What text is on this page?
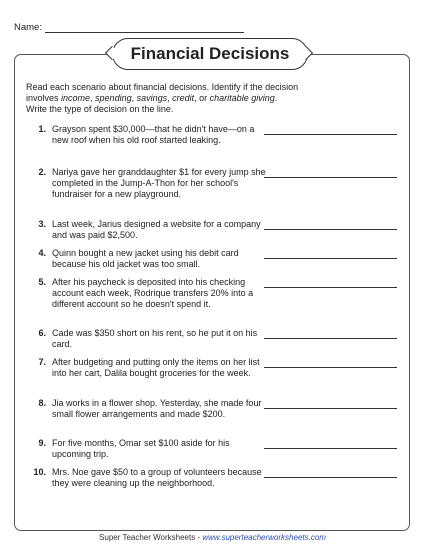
Name:
Financial Decisions
Read each scenario about financial decisions. Identify if the decision
involves income, spending, savings, credit, or charitable giving.
Write the type of decision on the line.
1. Grayson spent $30,000—that he didn't have—on a new roof when his old roof started leaking.
2. Nariya gave her granddaughter $1 for every jump she completed in the Jump-A-Thon for her school's fundraiser for a new playground.
3. Last week, Jarius designed a website for a company and was paid $2,500.
4. Quinn bought a new jacket using his debit card because his old jacket was too small.
5. After his paycheck is deposited into his checking account each week, Rodrique transfers 20% into a different account so he doesn't spend it.
6. Cade was $350 short on his rent, so he put it on his card.
7. After budgeting and putting only the items on her list into her cart, Dalila bought groceries for the week.
8. Jia works in a flower shop. Yesterday, she made four small flower arrangements and made $200.
9. For five months, Omar set $100 aside for his upcoming trip.
10. Mrs. Noe gave $50 to a group of volunteers because they were cleaning up the neighborhood.
Super Teacher Worksheets - www.superteacherworksheets.com
